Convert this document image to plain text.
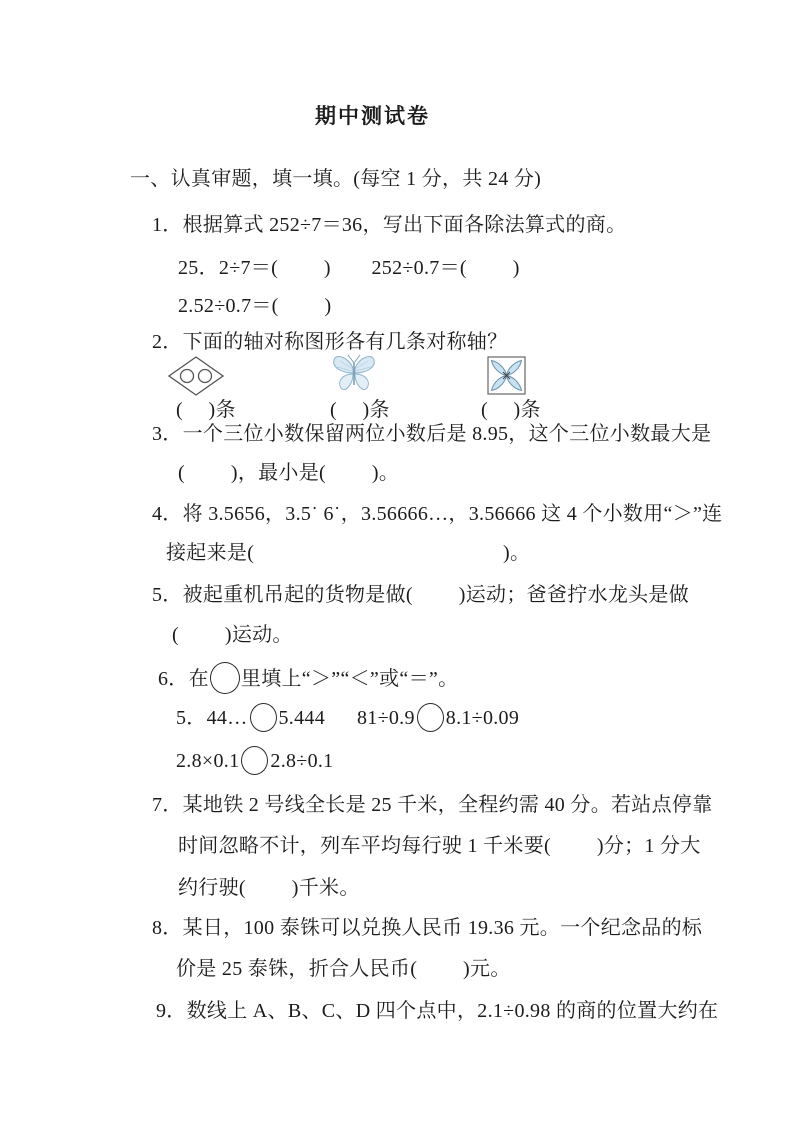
期中测试卷
一、认真审题，填一填。(每空 1 分，共 24 分)
1．根据算式 252÷7＝36，写出下面各除法算式的商。
25．2÷7＝(　　 )　　252÷0.7＝(　　 )
2.52÷0.7＝(　　 )
2．下面的轴对称图形各有几条对称轴？
(　 )条	(　 )条	(　 )条
3．一个三位小数保留两位小数后是 8.95，这个三位小数最大是
(　　 )，最小是(　　 )。
4．将 3.5656，3.5˙ 6˙，3.56666…，3.56666 这 4 个小数用“＞”连
接起来是(　　　　　　　　　　　　 )。
5．被起重机吊起的货物是做(　　 )运动；爸爸拧水龙头是做
(　　 )运动。
6．在 里填上“＞”“＜”或“＝”。
5．44… 5.444 81÷0.9 8.1÷0.09
2.8×0.1 2.8÷0.1
7．某地铁 2 号线全长是 25 千米，全程约需 40 分。若站点停靠
时间忽略不计，列车平均每行驶 1 千米要(　　 )分；1 分大
约行驶(　　 )千米。
8．某日，100 泰铢可以兑换人民币 19.36 元。一个纪念品的标
价是 25 泰铢，折合人民币(　　 )元。
9．数线上 A、B、C、D 四个点中，2.1÷0.98 的商的位置大约在
